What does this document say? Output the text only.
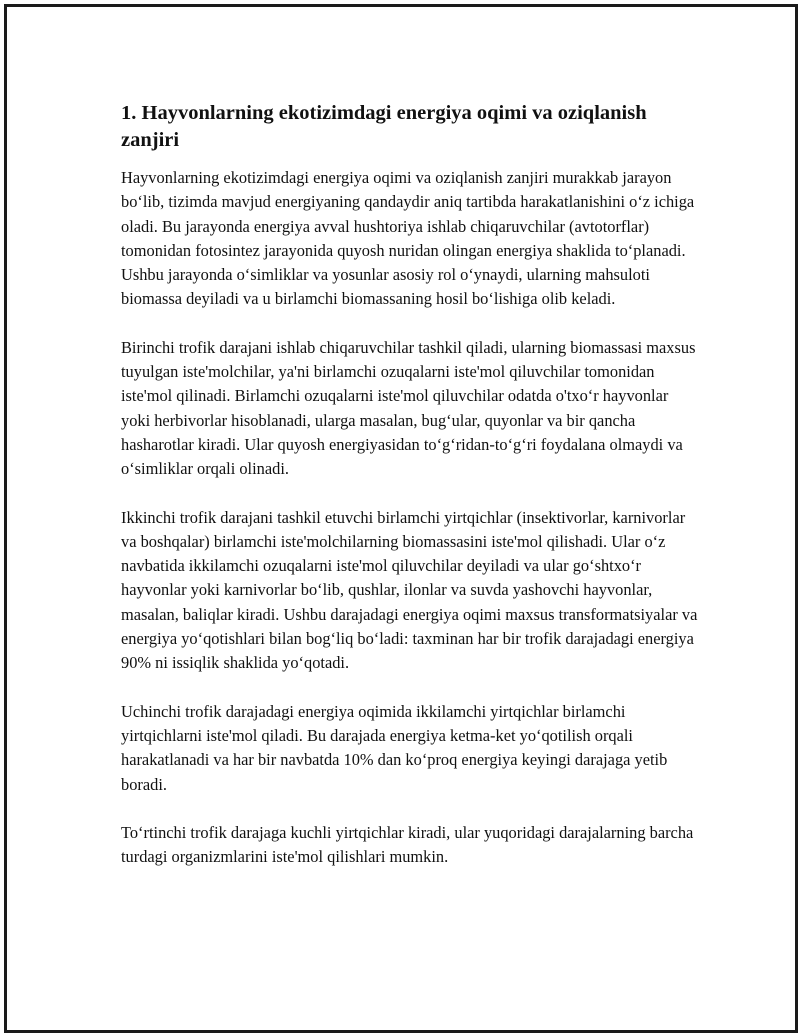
1. Hayvonlarning ekotizimdagi energiya oqimi va oziqlanish zanjiri

Hayvonlarning ekotizimdagi energiya oqimi va oziqlanish zanjiri murakkab jarayon bo‘lib, tizimda mavjud energiyaning qandaydir aniq tartibda harakatlanishini o‘z ichiga oladi. Bu jarayonda energiya avval hushtoriya ishlab chiqaruvchilar (avtotorflar) tomonidan fotosintez jarayonida quyosh nuridan olingan energiya shaklida to‘planadi. Ushbu jarayonda o‘simliklar va yosunlar asosiy rol o‘ynaydi, ularning mahsuloti biomassa deyiladi va u birlamchi biomassaning hosil bo‘lishiga olib keladi.

Birinchi trofik darajani ishlab chiqaruvchilar tashkil qiladi, ularning biomassasi maxsus tuyulgan iste'molchilar, ya'ni birlamchi ozuqalarni iste'mol qiluvchilar tomonidan iste'mol qilinadi. Birlamchi ozuqalarni iste'mol qiluvchilar odatda o'txo‘r hayvonlar yoki herbivorlar hisoblanadi, ularga masalan, bug‘ular, quyonlar va bir qancha hasharotlar kiradi. Ular quyosh energiyasidan to‘g‘ridan-to‘g‘ri foydalana olmaydi va o‘simliklar orqali olinadi.

Ikkinchi trofik darajani tashkil etuvchi birlamchi yirtqichlar (insektivorlar, karnivorlar va boshqalar) birlamchi iste'molchilarning biomassasini iste'mol qilishadi. Ular o‘z navbatida ikkilamchi ozuqalarni iste'mol qiluvchilar deyiladi va ular go‘shtxo‘r hayvonlar yoki karnivorlar bo‘lib, qushlar, ilonlar va suvda yashovchi hayvonlar, masalan, baliqlar kiradi. Ushbu darajadagi energiya oqimi maxsus transformatsiyalar va energiya yo‘qotishlari bilan bog‘liq bo‘ladi: taxminan har bir trofik darajadagi energiya 90% ni issiqlik shaklida yo‘qotadi.

Uchinchi trofik darajadagi energiya oqimida ikkilamchi yirtqichlar birlamchi yirtqichlarni iste'mol qiladi. Bu darajada energiya ketma-ket yo‘qotilish orqali harakatlanadi va har bir navbatda 10% dan ko‘proq energiya keyingi darajaga yetib boradi.

To‘rtinchi trofik darajaga kuchli yirtqichlar kiradi, ular yuqoridagi darajalarning barcha turdagi organizmlarini iste'mol qilishlari mumkin.
